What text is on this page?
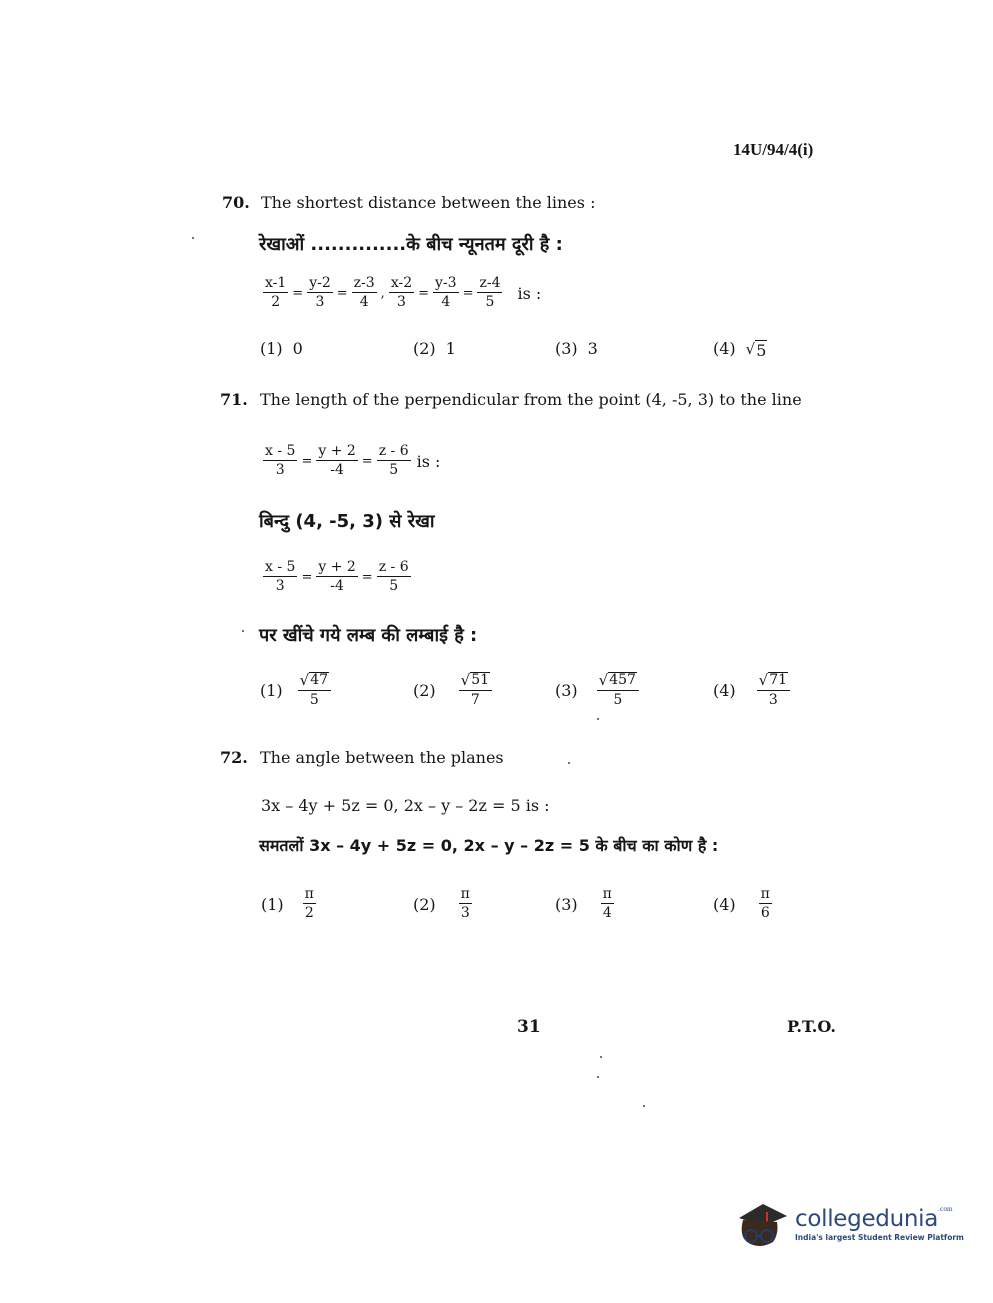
14U/94/4(i)
70. The shortest distance between the lines :
रेखाओं ..............के बीच न्यूनतम दूरी है :
$\frac{x-1}{2} = \frac{y-2}{3} = \frac{z-3}{4}$ , $\frac{x-2}{3} = \frac{y-3}{4} = \frac{z-4}{5}$ is :
(1) 0	(2) 1	(3) 3	(4) √ 5
71. The length of the perpendicular from the point (4, -5, 3) to the line
$\frac{x - 5}{3} = \frac{y + 2}{-4} = \frac{z - 6}{5}$ is :
बिन्दु (4, -5, 3) से रेखा
$\frac{x - 5}{3} = \frac{y + 2}{-4} = \frac{z - 6}{5}$
पर खींचे गये लम्ब की लम्बाई है :
$(1) \frac{√ 47}{5}$	$(2) \frac{√ 51}{7}$	$(3) \frac{√ 457}{5}$	$(4) \frac{√ 71}{3}$
72. The angle between the planes
3x – 4y + 5z = 0, 2x – y – 2z = 5 is :
समतलों 3x – 4y + 5z = 0, 2x – y – 2z = 5 के बीच का कोण है :
$(1) \frac{\pi}{2}$	$(2) \frac{\pi}{3}$	$(3) \frac{\pi}{4}$	$(4) \frac{\pi}{6}$
31	P.T.O.
collegedunia$^{.com}$
India's largest Student Review Platform
